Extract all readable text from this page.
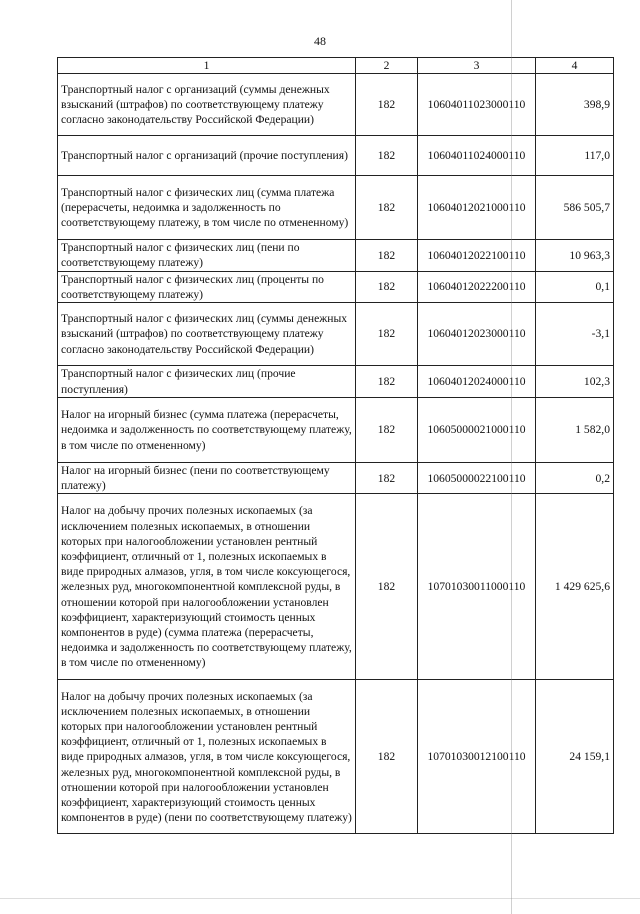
48
1	2	3	4
Транспортный налог с организаций (суммы денежных взысканий (штрафов) по соответствующему платежу согласно законодательству Российской Федерации)	182	10604011023000110	398,9
Транспортный налог с организаций (прочие поступления)	182	10604011024000110	117,0
Транспортный налог с физических лиц (сумма платежа (перерасчеты, недоимка и задолженность по соответствующему платежу, в том числе по отмененному)	182	10604012021000110	586 505,7
Транспортный налог с физических лиц (пени по соответствующему платежу)	182	10604012022100110	10 963,3
Транспортный налог с физических лиц (проценты по соответствующему платежу)	182	10604012022200110	0,1
Транспортный налог с физических лиц (суммы денежных взысканий (штрафов) по соответствующему платежу согласно законодательству Российской Федерации)	182	10604012023000110	-3,1
Транспортный налог с физических лиц (прочие поступления)	182	10604012024000110	102,3
Налог на игорный бизнес (сумма платежа (перерасчеты, недоимка и задолженность по соответствующему платежу, в том числе по отмененному)	182	10605000021000110	1 582,0
Налог на игорный бизнес (пени по соответствующему платежу)	182	10605000022100110	0,2
Налог на добычу прочих полезных ископаемых (за исключением полезных ископаемых, в отношении которых при налогообложении установлен рентный коэффициент, отличный от 1, полезных ископаемых в виде природных алмазов, угля, в том числе коксующегося, железных руд, многокомпонентной комплексной руды, в отношении которой при налогообложении установлен коэффициент, характеризующий стоимость ценных компонентов в руде) (сумма платежа (перерасчеты, недоимка и задолженность по соответствующему платежу, в том числе по отмененному)	182	10701030011000110	1 429 625,6
Налог на добычу прочих полезных ископаемых (за исключением полезных ископаемых, в отношении которых при налогообложении установлен рентный коэффициент, отличный от 1, полезных ископаемых в виде природных алмазов, угля, в том числе коксующегося, железных руд, многокомпонентной комплексной руды, в отношении которой при налогообложении установлен коэффициент, характеризующий стоимость ценных компонентов в руде) (пени по соответствующему платежу)	182	10701030012100110	24 159,1
